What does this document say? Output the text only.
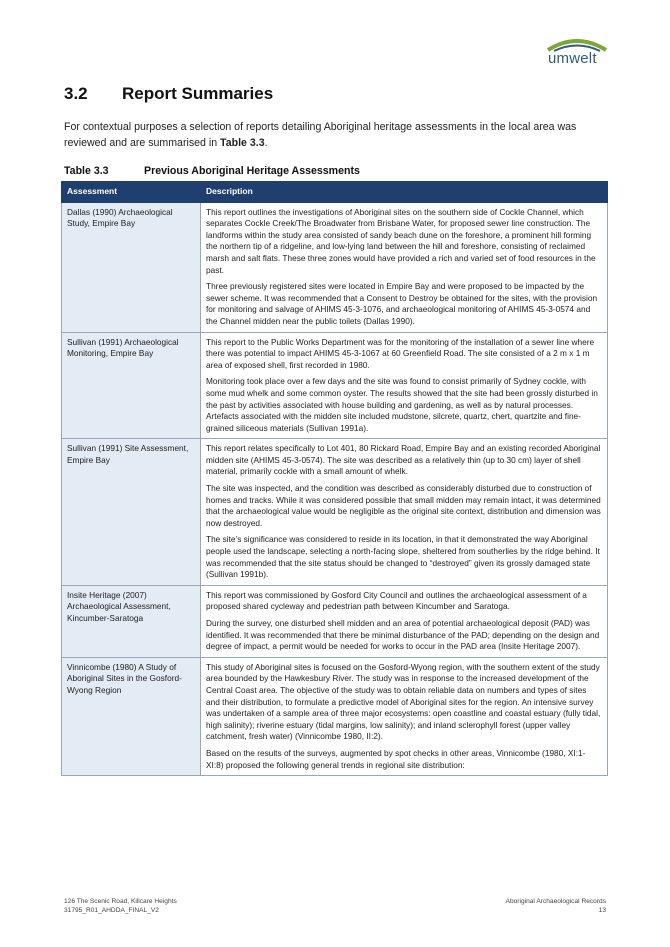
umwelt
3.2 Report Summaries
For contextual purposes a selection of reports detailing Aboriginal heritage assessments in the local area was reviewed and are summarised in Table 3.3.
Table 3.3	Previous Aboriginal Heritage Assessments
Assessment	Description
Dallas (1990) Archaeological Study, Empire Bay	This report outlines the investigations of Aboriginal sites on the southern side of Cockle Channel, which separates Cockle Creek/The Broadwater from Brisbane Water, for proposed sewer line construction. The landforms within the study area consisted of sandy beach dune on the foreshore, a prominent hill forming the northern tip of a ridgeline, and low-lying land between the hill and foreshore, consisting of reclaimed marsh and salt flats. These three zones would have provided a rich and varied set of food resources in the past.

Three previously registered sites were located in Empire Bay and were proposed to be impacted by the sewer scheme. It was recommended that a Consent to Destroy be obtained for the sites, with the provision for monitoring and salvage of AHIMS 45-3-1076, and archaeological monitoring of AHIMS 45-3-0574 and the Channel midden near the public toilets (Dallas 1990).

Sullivan (1991) Archaeological Monitoring, Empire Bay	This report to the Public Works Department was for the monitoring of the installation of a sewer line where there was potential to impact AHIMS 45-3-1067 at 60 Greenfield Road. The site consisted of a 2 m x 1 m area of exposed shell, first recorded in 1980.

Monitoring took place over a few days and the site was found to consist primarily of Sydney cockle, with some mud whelk and some common oyster. The results showed that the site had been grossly disturbed in the past by activities associated with house building and gardening, as well as by natural processes. Artefacts associated with the midden site included mudstone, silcrete, quartz, chert, quartzite and fine-grained siliceous materials (Sullivan 1991a).

Sullivan (1991) Site Assessment, Empire Bay	This report relates specifically to Lot 401, 80 Rickard Road, Empire Bay and an existing recorded Aboriginal midden site (AHIMS 45-3-0574). The site was described as a relatively thin (up to 30 cm) layer of shell material, primarily cockle with a small amount of whelk.

The site was inspected, and the condition was described as considerably disturbed due to construction of homes and tracks. While it was considered possible that small midden may remain intact, it was determined that the archaeological value would be negligible as the original site context, distribution and dimension was now destroyed.

The site’s significance was considered to reside in its location, in that it demonstrated the way Aboriginal people used the landscape, selecting a north-facing slope, sheltered from southerlies by the ridge behind. It was recommended that the site status should be changed to “destroyed” given its grossly damaged state (Sullivan 1991b).

Insite Heritage (2007) Archaeological Assessment, Kincumber-Saratoga	This report was commissioned by Gosford City Council and outlines the archaeological assessment of a proposed shared cycleway and pedestrian path between Kincumber and Saratoga.

During the survey, one disturbed shell midden and an area of potential archaeological deposit (PAD) was identified. It was recommended that there be minimal disturbance of the PAD; depending on the design and degree of impact, a permit would be needed for works to occur in the PAD area (Insite Heritage 2007).

Vinnicombe (1980) A Study of Aboriginal Sites in the Gosford-Wyong Region	This study of Aboriginal sites is focused on the Gosford-Wyong region, with the southern extent of the study area bounded by the Hawkesbury River. The study was in response to the increased development of the Central Coast area. The objective of the study was to obtain reliable data on numbers and types of sites and their distribution, to formulate a predictive model of Aboriginal sites for the region. An intensive survey was undertaken of a sample area of three major ecosystems: open coastline and coastal estuary (fully tidal, high salinity); riverine estuary (tidal margins, low salinity); and inland sclerophyll forest (upper valley catchment, fresh water) (Vinnicombe 1980, II:2).

Based on the results of the surveys, augmented by spot checks in other areas, Vinnicombe (1980, XI:1-XI:8) proposed the following general trends in regional site distribution:

126 The Scenic Road, Killcare Heights
31795_R01_AHDDA_FINAL_V2
Aboriginal Archaeological Records
13
